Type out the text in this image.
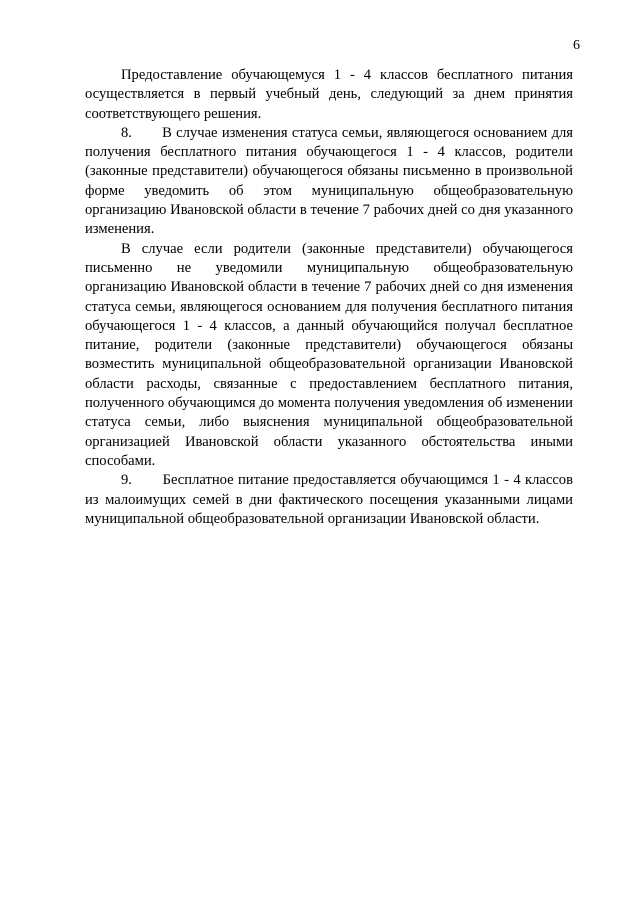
6

Предоставление обучающемуся 1 - 4 классов бесплатного питания осуществляется в первый учебный день, следующий за днем принятия соответствующего решения.

8.       В случае изменения статуса семьи, являющегося основанием для получения бесплатного питания обучающегося 1 - 4 классов, родители (законные представители) обучающегося обязаны письменно в произвольной форме уведомить об этом муниципальную общеобразовательную организацию Ивановской области в течение 7 рабочих дней со дня указанного изменения.

В случае если родители (законные представители) обучающегося письменно не уведомили муниципальную общеобразовательную организацию Ивановской области в течение 7 рабочих дней со дня изменения статуса семьи, являющегося основанием для получения бесплатного питания обучающегося 1 - 4 классов, а данный обучающийся получал бесплатное питание, родители (законные представители) обучающегося обязаны возместить муниципальной общеобразовательной организации Ивановской области расходы, связанные с предоставлением бесплатного питания, полученного обучающимся до момента получения уведомления об изменении статуса семьи, либо выяснения муниципальной общеобразовательной организацией Ивановской области указанного обстоятельства иными способами.

9.       Бесплатное питание предоставляется обучающимся 1 - 4 классов из малоимущих семей в дни фактического посещения указанными лицами муниципальной общеобразовательной организации Ивановской области.
